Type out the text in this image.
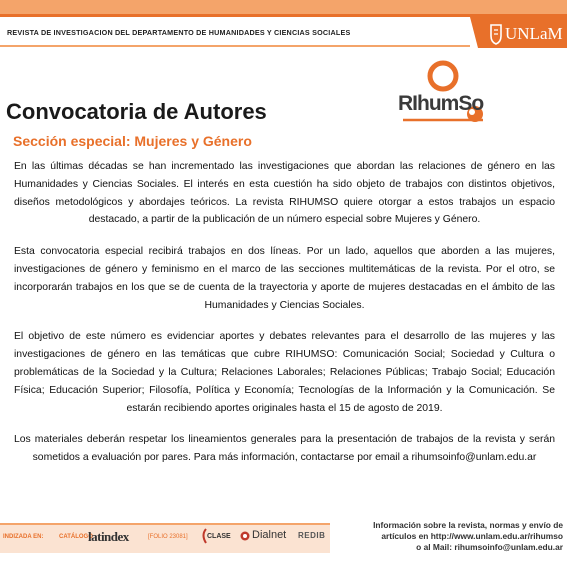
REVISTA DE INVESTIGACION DEL DEPARTAMENTO DE HUMANIDADES Y CIENCIAS SOCIALES	UNLaM
RIhumSo
Convocatoria de Autores
Sección especial: Mujeres y Género

En las últimas décadas se han incrementado las investigaciones que abordan las relaciones de género en las Humanidades y Ciencias Sociales. El interés en esta cuestión ha sido objeto de trabajos con distintos objetivos, diseños metodológicos y abordajes teóricos. La revista RIHUMSO quiere otorgar a estos trabajos un espacio destacado, a partir de la publicación de un número especial sobre Mujeres y Género.

Esta convocatoria especial recibirá trabajos en dos líneas. Por un lado, aquellos que aborden a las mujeres, investigaciones de género y feminismo en el marco de las secciones multitemáticas de la revista. Por el otro, se incorporarán trabajos en los que se de cuenta de la trayectoria y aporte de mujeres destacadas en el ámbito de las Humanidades y Ciencias Sociales.

El objetivo de este número es evidenciar aportes y debates relevantes para el desarrollo de las mujeres y las investigaciones de género en las temáticas que cubre RIHUMSO: Comunicación Social; Sociedad y Cultura o problemáticas de la Sociedad y la Cultura; Relaciones Laborales; Relaciones Públicas; Trabajo Social; Educación Física; Educación Superior; Filosofía, Política y Economía; Tecnologías de la Información y la Comunicación. Se estarán recibiendo aportes originales hasta el 15 de agosto de 2019.

Los materiales deberán respetar los lineamientos generales para la presentación de trabajos de la revista y serán sometidos a evaluación por pares. Para más información, contactarse por email a rihumsoinfo@unlam.edu.ar

INDIZADA EN:	CATÁLOGO
latindex	[FOLIO 23081]	CLASE Dialnet REDIB
Información sobre la revista, normas y envío de
artículos en http://www.unlam.edu.ar/rihumso
o al Mail: rihumsoinfo@unlam.edu.ar
